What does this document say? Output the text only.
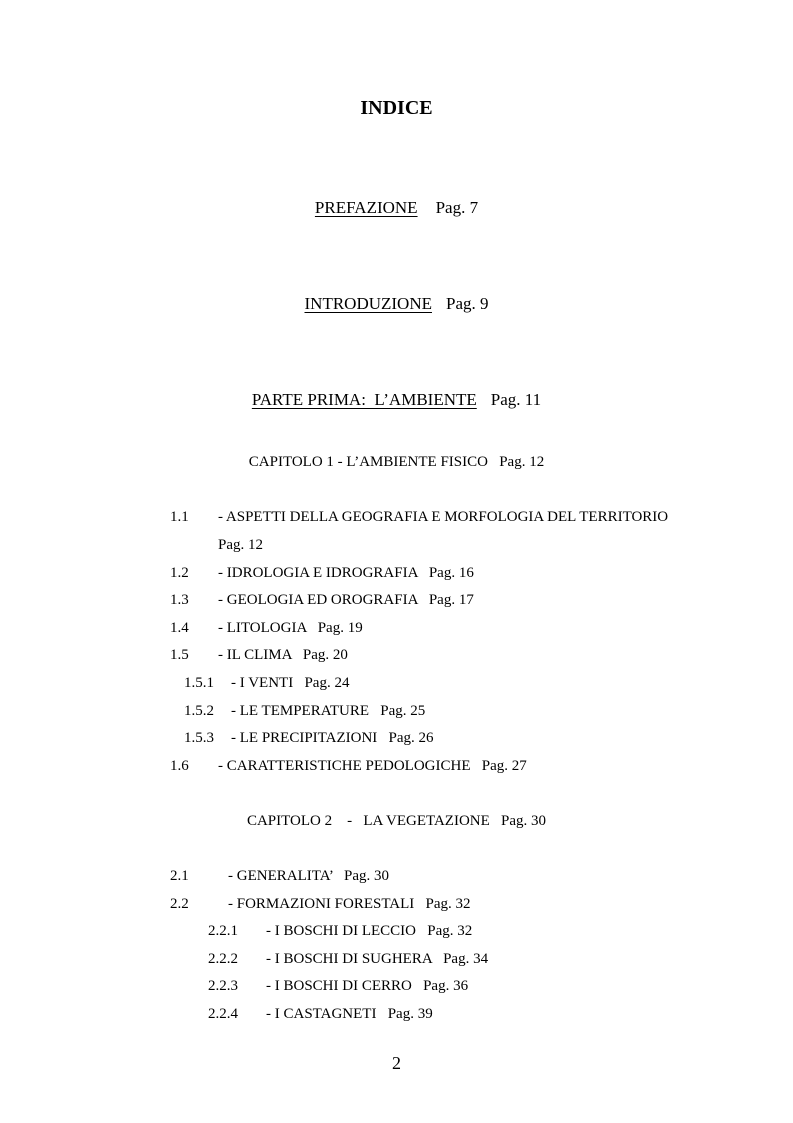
INDICE
PREFAZIONE Pag. 7
INTRODUZIONE Pag. 9
PARTE PRIMA:  L’AMBIENTE Pag. 11
CAPITOLO 1 - L’AMBIENTE FISICO   Pag. 12
1.1 - ASPETTI DELLA GEOGRAFIA E MORFOLOGIA DEL TERRITORIO
Pag. 12
1.2 - IDROLOGIA E IDROGRAFIA   Pag. 16
1.3 - GEOLOGIA ED OROGRAFIA   Pag. 17
1.4 - LITOLOGIA   Pag. 19
1.5 - IL CLIMA   Pag. 20
1.5.1 - I VENTI   Pag. 24
1.5.2 - LE TEMPERATURE   Pag. 25
1.5.3 - LE PRECIPITAZIONI   Pag. 26
1.6 - CARATTERISTICHE PEDOLOGICHE   Pag. 27
CAPITOLO 2    -   LA VEGETAZIONE   Pag. 30
2.1	- GENERALITA’   Pag. 30
2.2	- FORMAZIONI FORESTALI   Pag. 32
2.2.1 - I BOSCHI DI LECCIO   Pag. 32
2.2.2 - I BOSCHI DI SUGHERA   Pag. 34
2.2.3 - I BOSCHI DI CERRO   Pag. 36
2.2.4 - I CASTAGNETI   Pag. 39
2
